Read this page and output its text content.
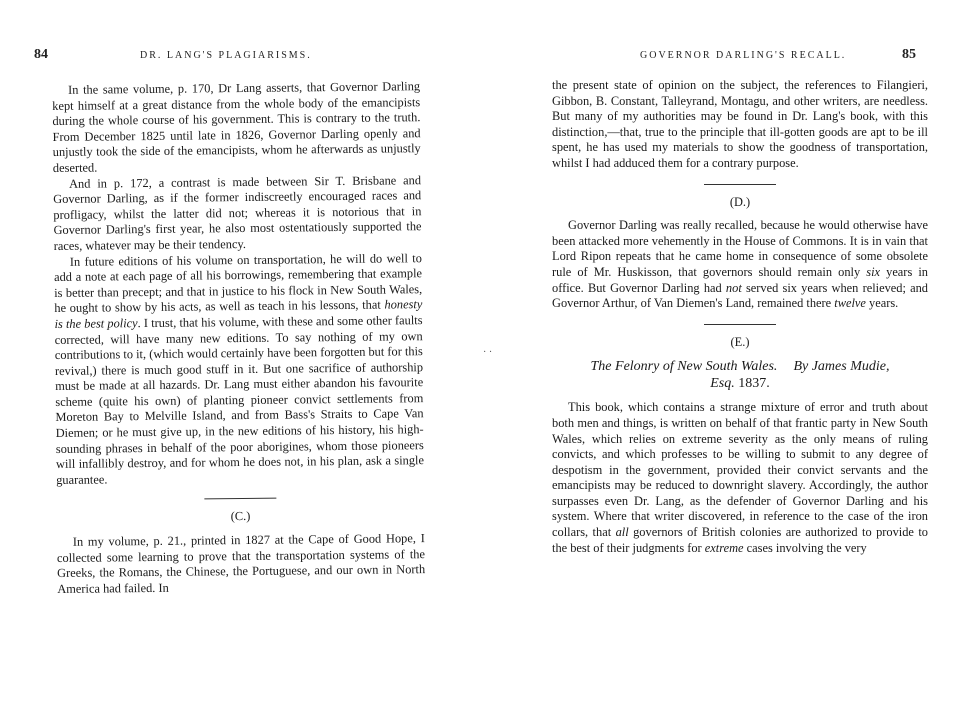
84	DR. LANG'S PLAGIARISMS.

In the same volume, p. 170, Dr Lang asserts, that Governor Darling kept himself at a great distance from the whole body of the emancipists during the whole course of his government. This is contrary to the truth. From December 1825 until late in 1826, Governor Darling openly and unjustly took the side of the emancipists, whom he afterwards as unjustly deserted.

And in p. 172, a contrast is made between Sir T. Brisbane and Governor Darling, as if the former indiscreetly encouraged races and profligacy, whilst the latter did not; whereas it is notorious that in Governor Darling's first year, he also most ostentatiously supported the races, whatever may be their tendency.

In future editions of his volume on transportation, he will do well to add a note at each page of all his borrowings, remembering that example is better than precept; and that in justice to his flock in New South Wales, he ought to show by his acts, as well as teach in his lessons, that honesty is the best policy. I trust, that his volume, with these and some other faults corrected, will have many new editions. To say nothing of my own contributions to it, (which would certainly have been forgotten but for this revival,) there is much good stuff in it. But one sacrifice of authorship must be made at all hazards. Dr. Lang must either abandon his favourite scheme (quite his own) of planting pioneer convict settlements from Moreton Bay to Melville Island, and from Bass's Straits to Cape Van Diemen; or he must give up, in the new editions of his history, his high-sounding phrases in behalf of the poor aborigines, whom those pioneers will infallibly destroy, and for whom he does not, in his plan, ask a single guarantee.

(C.)

In my volume, p. 21., printed in 1827 at the Cape of Good Hope, I collected some learning to prove that the transportation systems of the Greeks, the Romans, the Chinese, the Portuguese, and our own in North America had failed. In

· ·
GOVERNOR DARLING'S RECALL.	85

the present state of opinion on the subject, the references to Filangieri, Gibbon, B. Constant, Talleyrand, Montagu, and other writers, are needless. But many of my authorities may be found in Dr. Lang's book, with this distinction,—that, true to the principle that ill-gotten goods are apt to be ill spent, he has used my materials to show the goodness of transportation, whilst I had adduced them for a contrary purpose.

(D.)

Governor Darling was really recalled, because he would otherwise have been attacked more vehemently in the House of Commons. It is in vain that Lord Ripon repeats that he came home in consequence of some obsolete rule of Mr. Huskisson, that governors should remain only six years in office. But Governor Darling had not served six years when relieved; and Governor Arthur, of Van Diemen's Land, remained there twelve years.

(E.)

The Felonry of New South Wales. By James Mudie,
Esq. 1837.

This book, which contains a strange mixture of error and truth about both men and things, is written on behalf of that frantic party in New South Wales, which relies on extreme severity as the only means of ruling convicts, and which professes to be willing to submit to any degree of despotism in the government, provided their convict servants and the emancipists may be reduced to downright slavery. Accordingly, the author surpasses even Dr. Lang, as the defender of Governor Darling and his system. Where that writer discovered, in reference to the case of the iron collars, that all governors of British colonies are authorized to provide to the best of their judgments for extreme cases involving the very
